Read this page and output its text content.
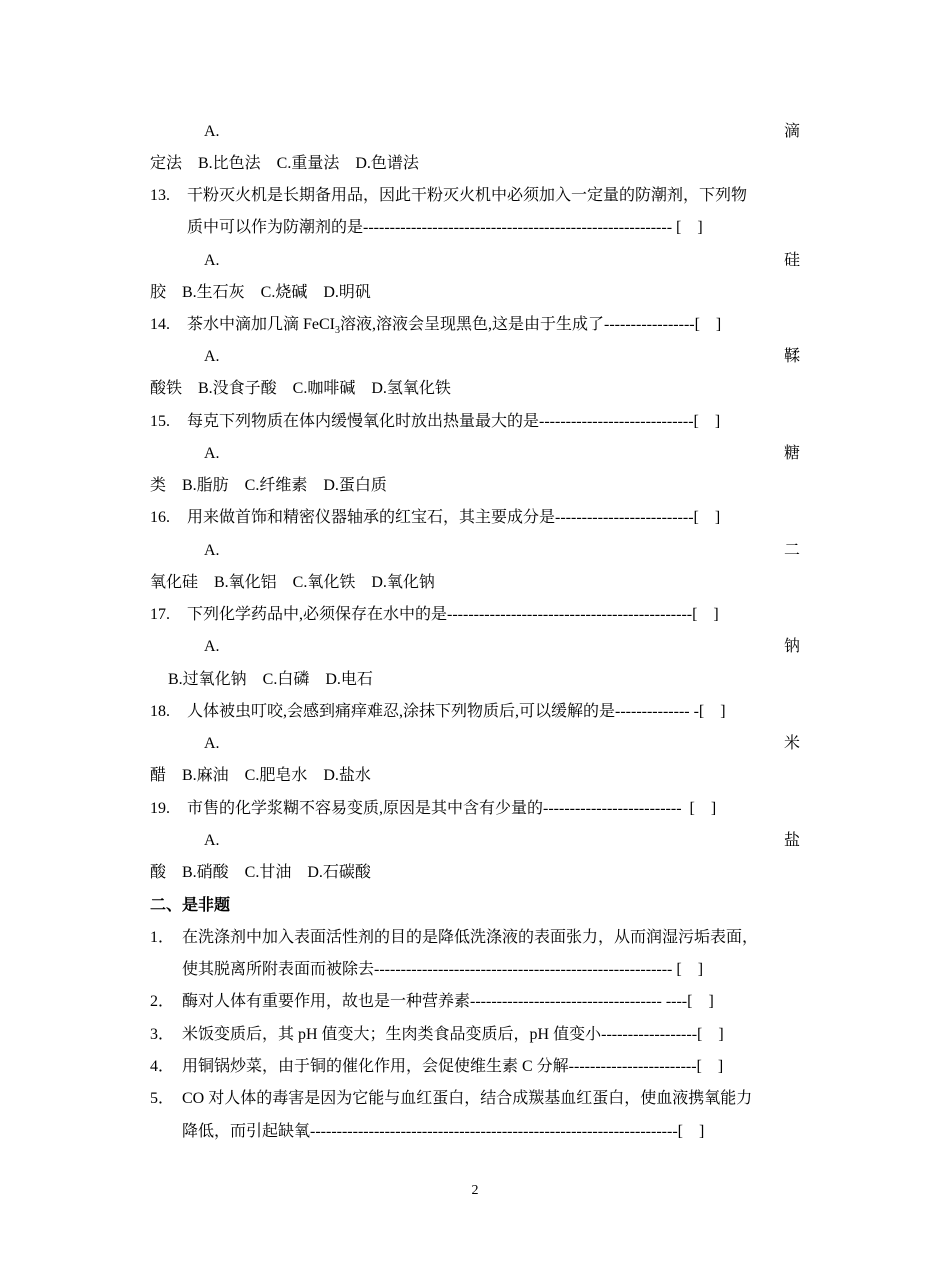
A.	滴
定法　B.比色法　C.重量法　D.色谱法
13. 干粉灭火机是长期备用品，因此干粉灭火机中必须加入一定量的防潮剂，下列物
质中可以作为防潮剂的是---------------------------------------------------------- [　]
A.	硅
胶　B.生石灰　C.烧碱　D.明矾
14. 茶水中滴加几滴 FeCI$_3$溶液,溶液会呈现黑色,这是由于生成了-----------------[　]
A.	鞣
酸铁　B.没食子酸　C.咖啡碱　D.氢氧化铁
15. 每克下列物质在体内缓慢氧化时放出热量最大的是-----------------------------[　]
A.	糖
类　B.脂肪　C.纤维素　D.蛋白质
16. 用来做首饰和精密仪器轴承的红宝石，其主要成分是--------------------------[　]
A.	二
氧化硅　B.氧化铝　C.氧化铁　D.氧化钠
17. 下列化学药品中,必须保存在水中的是----------------------------------------------[　]
A.	钠
B.过氧化钠　C.白磷　D.电石
18. 人体被虫叮咬,会感到痛痒难忍,涂抹下列物质后,可以缓解的是-------------- -[　]
A.	米
醋　B.麻油　C.肥皂水　D.盐水
19. 市售的化学浆糊不容易变质,原因是其中含有少量的--------------------------  [　]
A.	盐
酸　B.硝酸　C.甘油　D.石碳酸
二、是非题
1． 在洗涤剂中加入表面活性剂的目的是降低洗涤液的表面张力，从而润湿污垢表面，
使其脱离所附表面而被除去-------------------------------------------------------- [　]
2． 酶对人体有重要作用，故也是一种营养素------------------------------------ ----[　]
3． 米饭变质后，其 pH 值变大；生肉类食品变质后，pH 值变小------------------[　]
4． 用铜锅炒菜，由于铜的催化作用，会促使维生素 C 分解------------------------[　]
5． CO 对人体的毒害是因为它能与血红蛋白，结合成羰基血红蛋白，使血液携氧能力
降低，而引起缺氧---------------------------------------------------------------------[　]
2
